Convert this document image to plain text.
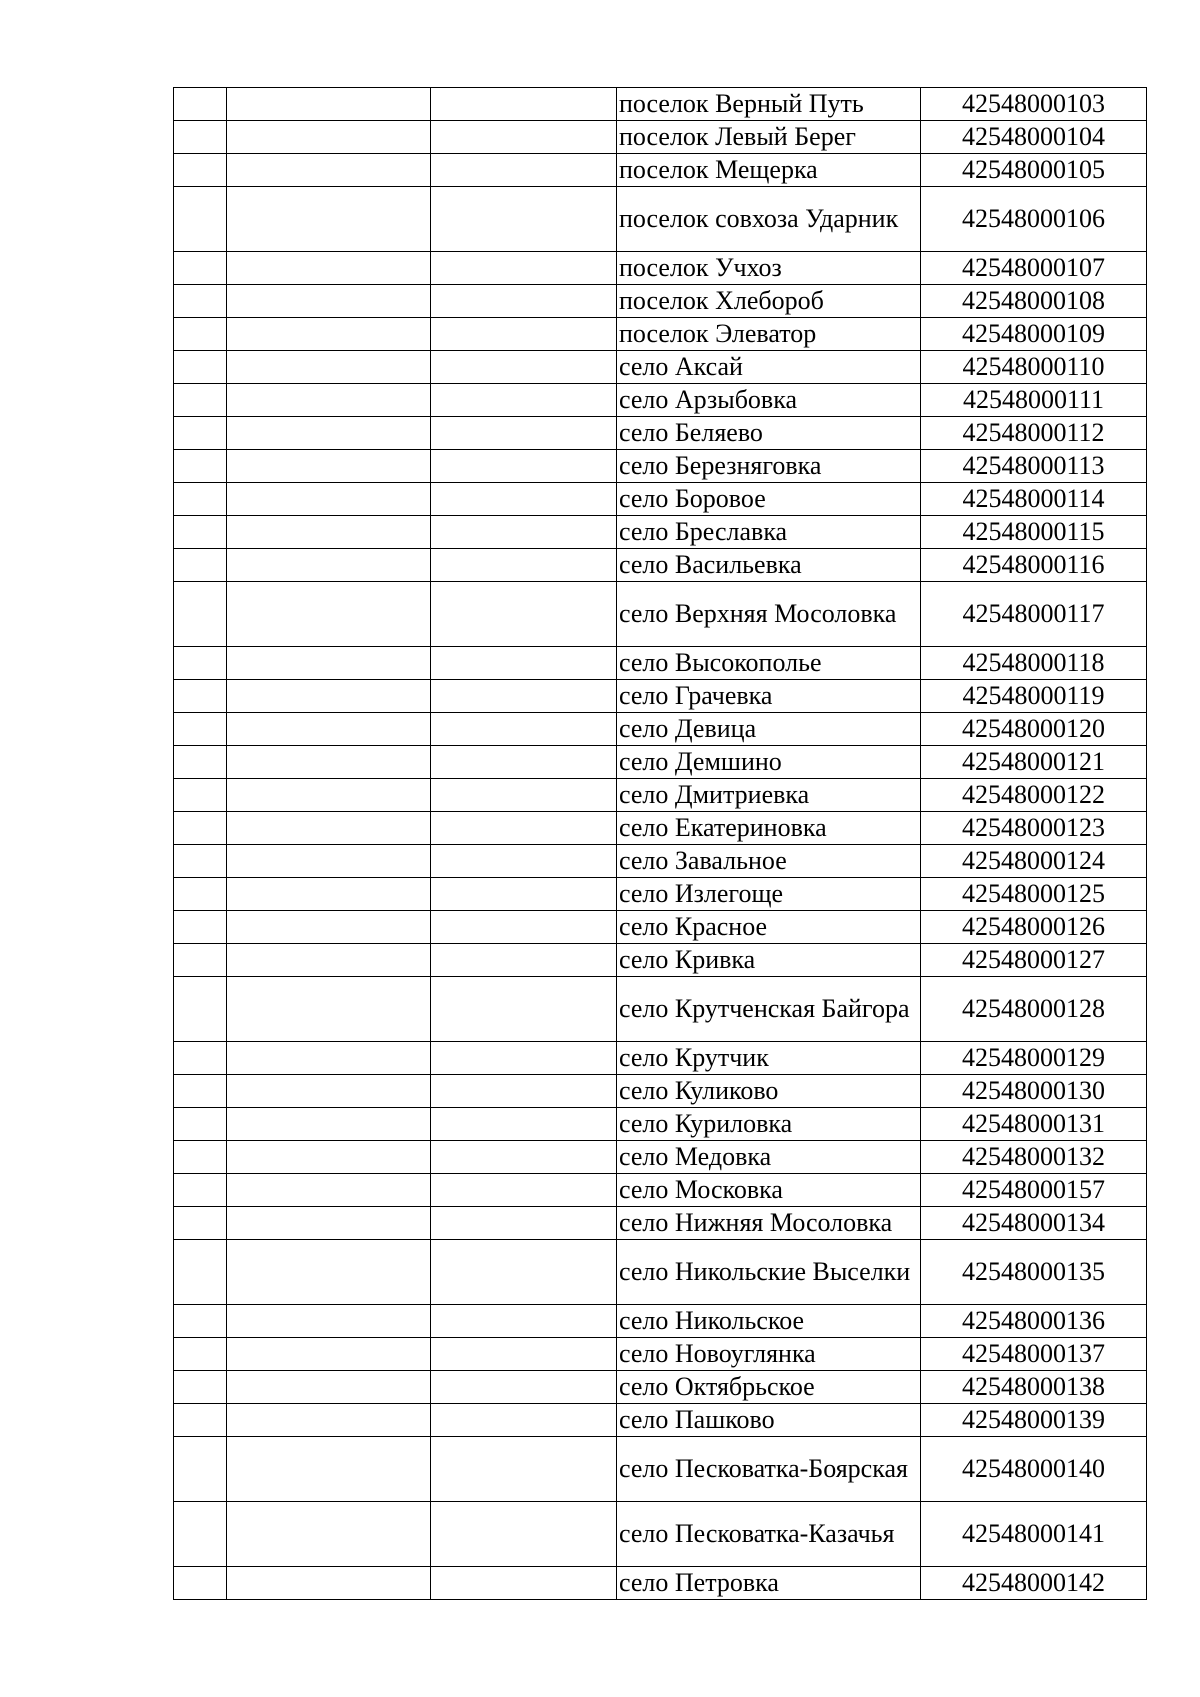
			поселок Верный Путь	42548000103
			поселок Левый Берег	42548000104
			поселок Мещерка	42548000105
			поселок совхоза Ударник	42548000106
			поселок Учхоз	42548000107
			поселок Хлебороб	42548000108
			поселок Элеватор	42548000109
			село Аксай	42548000110
			село Арзыбовка	42548000111
			село Беляево	42548000112
			село Березняговка	42548000113
			село Боровое	42548000114
			село Бреславка	42548000115
			село Васильевка	42548000116
			село Верхняя Мосоловка	42548000117
			село Высокополье	42548000118
			село Грачевка	42548000119
			село Девица	42548000120
			село Демшино	42548000121
			село Дмитриевка	42548000122
			село Екатериновка	42548000123
			село Завальное	42548000124
			село Излегоще	42548000125
			село Красное	42548000126
			село Кривка	42548000127
			село Крутченская Байгора	42548000128
			село Крутчик	42548000129
			село Куликово	42548000130
			село Куриловка	42548000131
			село Медовка	42548000132
			село Московка	42548000157
			село Нижняя Мосоловка	42548000134
			село Никольские Выселки	42548000135
			село Никольское	42548000136
			село Новоуглянка	42548000137
			село Октябрьское	42548000138
			село Пашково	42548000139
			село Песковатка-Боярская	42548000140
			село Песковатка-Казачья	42548000141
			село Петровка	42548000142
